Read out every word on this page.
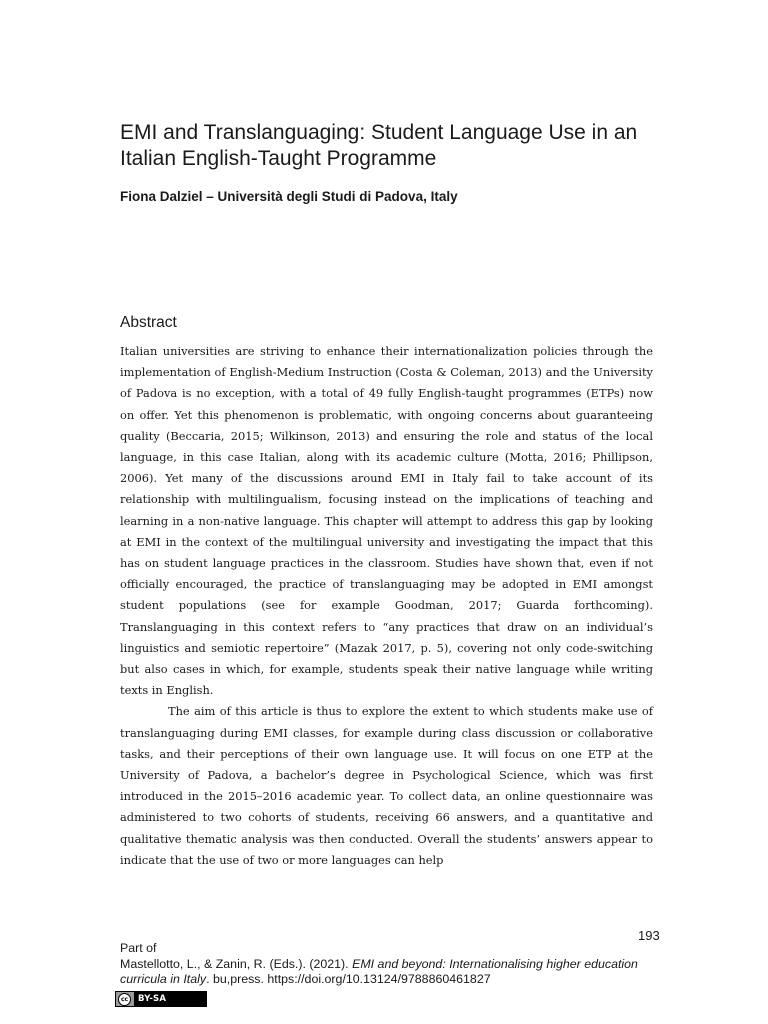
EMI and Translanguaging: Student Language Use in an Italian English-Taught Programme

Fiona Dalziel – Università degli Studi di Padova, Italy

Abstract

Italian universities are striving to enhance their internationalization policies through the implementation of English-Medium Instruction (Costa & Coleman, 2013) and the University of Padova is no exception, with a total of 49 fully English-taught programmes (ETPs) now on offer. Yet this phenomenon is problematic, with ongoing concerns about guaranteeing quality (Beccaria, 2015; Wilkinson, 2013) and ensuring the role and status of the local language, in this case Italian, along with its academic culture (Motta, 2016; Phillipson, 2006). Yet many of the discussions around EMI in Italy fail to take account of its relationship with multilingualism, focusing instead on the implications of teaching and learning in a non-native language. This chapter will attempt to address this gap by looking at EMI in the context of the multilingual university and investigating the impact that this has on student language practices in the classroom. Studies have shown that, even if not officially encouraged, the practice of translanguaging may be adopted in EMI amongst student populations (see for example Goodman, 2017; Guarda forthcoming). Translanguaging in this context refers to “any practices that draw on an individual’s linguistics and semiotic repertoire” (Mazak 2017, p. 5), covering not only code-switching but also cases in which, for example, students speak their native language while writing texts in English.

The aim of this article is thus to explore the extent to which students make use of translanguaging during EMI classes, for example during class discussion or collaborative tasks, and their perceptions of their own language use. It will focus on one ETP at the University of Padova, a bachelor’s degree in Psychological Science, which was first introduced in the 2015–2016 academic year. To collect data, an online questionnaire was administered to two cohorts of students, receiving 66 answers, and a quantitative and qualitative thematic analysis was then conducted. Overall the students’ answers appear to indicate that the use of two or more languages can help

193
Part of
Mastellotto, L., & Zanin, R. (Eds.). (2021). EMI and beyond: Internationalising higher education curricula in Italy. bu,press. https://doi.org/10.13124/9788860461827
cc	BY-SA
